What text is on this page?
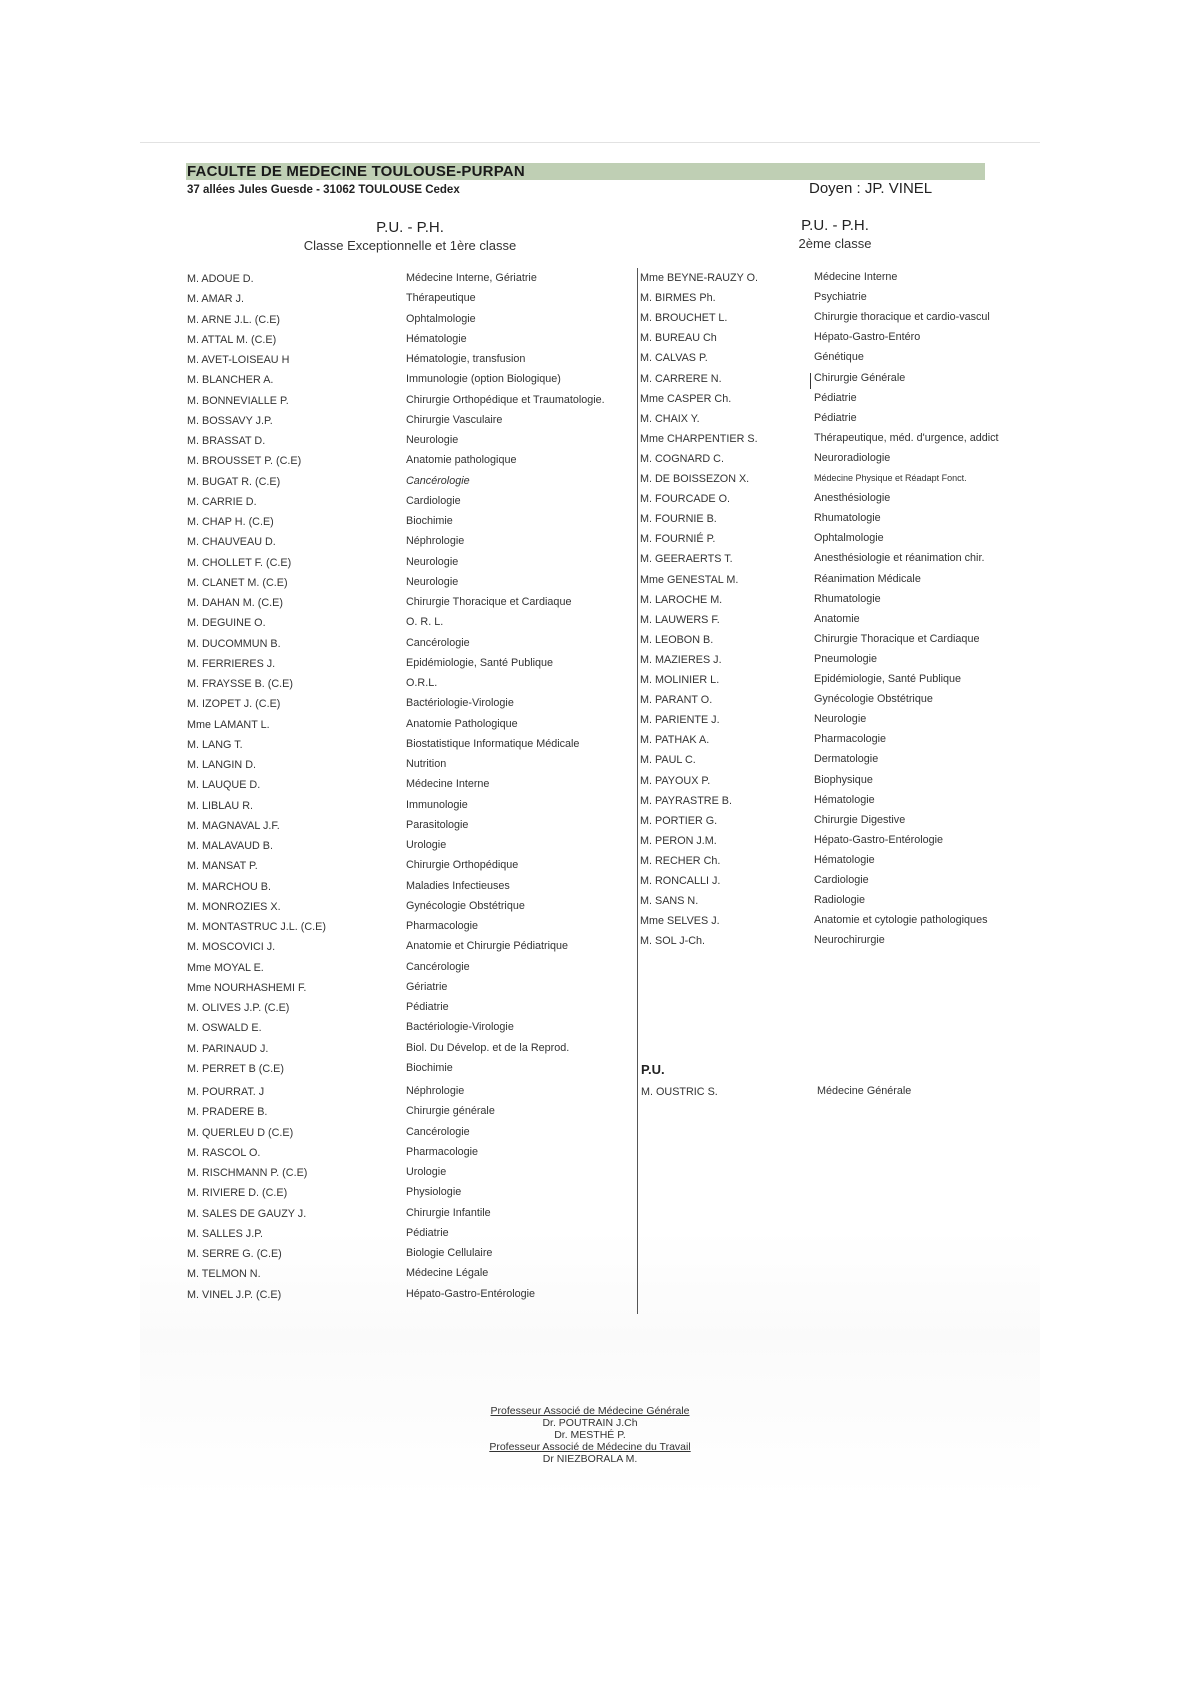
FACULTE DE MEDECINE TOULOUSE-PURPAN
37 allées Jules Guesde - 31062 TOULOUSE Cedex	Doyen : JP. VINEL
P.U. - P.H.
Classe Exceptionnelle et 1ère classe
P.U. - P.H.
2ème classe
M. ADOUE D.	Médecine Interne, Gériatrie
M. AMAR J.	Thérapeutique
M. ARNE J.L. (C.E)	Ophtalmologie
M. ATTAL M. (C.E)	Hématologie
M. AVET-LOISEAU H	Hématologie, transfusion
M. BLANCHER A.	Immunologie (option Biologique)
M. BONNEVIALLE P.	Chirurgie Orthopédique et Traumatologie.
M. BOSSAVY J.P.	Chirurgie Vasculaire
M. BRASSAT D.	Neurologie
M. BROUSSET P. (C.E)	Anatomie pathologique
M. BUGAT R. (C.E)	Cancérologie
M. CARRIE D.	Cardiologie
M. CHAP H. (C.E)	Biochimie
M. CHAUVEAU D.	Néphrologie
M. CHOLLET F. (C.E)	Neurologie
M. CLANET M. (C.E)	Neurologie
M. DAHAN M. (C.E)	Chirurgie Thoracique et Cardiaque
M. DEGUINE O.	O. R. L.
M. DUCOMMUN B.	Cancérologie
M. FERRIERES J.	Epidémiologie, Santé Publique
M. FRAYSSE B. (C.E)	O.R.L.
M. IZOPET J. (C.E)	Bactériologie-Virologie
Mme LAMANT L.	Anatomie Pathologique
M. LANG T.	Biostatistique Informatique Médicale
M. LANGIN D.	Nutrition
M. LAUQUE D.	Médecine Interne
M. LIBLAU R.	Immunologie
M. MAGNAVAL J.F.	Parasitologie
M. MALAVAUD B.	Urologie
M. MANSAT P.	Chirurgie Orthopédique
M. MARCHOU B.	Maladies Infectieuses
M. MONROZIES X.	Gynécologie Obstétrique
M. MONTASTRUC J.L. (C.E)	Pharmacologie
M. MOSCOVICI J.	Anatomie et Chirurgie Pédiatrique
Mme MOYAL E.	Cancérologie
Mme NOURHASHEMI F.	Gériatrie
M. OLIVES J.P. (C.E)	Pédiatrie
M. OSWALD E.	Bactériologie-Virologie
M. PARINAUD J.	Biol. Du Dévelop. et de la Reprod.
M. PERRET B (C.E)	Biochimie
M. POURRAT. J	Néphrologie
M. PRADERE B.	Chirurgie générale
M. QUERLEU D (C.E)	Cancérologie
M. RASCOL O.	Pharmacologie
M. RISCHMANN P. (C.E)	Urologie
M. RIVIERE D. (C.E)	Physiologie
M. SALES DE GAUZY J.	Chirurgie Infantile
M. SALLES J.P.	Pédiatrie
M. SERRE G. (C.E)	Biologie Cellulaire
M. TELMON N.	Médecine Légale
M. VINEL J.P. (C.E)	Hépato-Gastro-Entérologie
Mme BEYNE-RAUZY O.	Médecine Interne
M. BIRMES Ph.	Psychiatrie
M. BROUCHET L.	Chirurgie thoracique et cardio-vascul
M. BUREAU Ch	Hépato-Gastro-Entéro
M. CALVAS P.	Génétique
M. CARRERE N.	Chirurgie Générale
Mme CASPER Ch.	Pédiatrie
M. CHAIX Y.	Pédiatrie
Mme CHARPENTIER S.	Thérapeutique, méd. d'urgence, addict
M. COGNARD C.	Neuroradiologie
M. DE BOISSEZON X.	Médecine Physique et Réadapt Fonct.
M. FOURCADE O.	Anesthésiologie
M. FOURNIE B.	Rhumatologie
M. FOURNIÉ P.	Ophtalmologie
M. GEERAERTS T.	Anesthésiologie et réanimation chir.
Mme GENESTAL M.	Réanimation Médicale
M. LAROCHE M.	Rhumatologie
M. LAUWERS F.	Anatomie
M. LEOBON B.	Chirurgie Thoracique et Cardiaque
M. MAZIERES J.	Pneumologie
M. MOLINIER L.	Epidémiologie, Santé Publique
M. PARANT O.	Gynécologie Obstétrique
M. PARIENTE J.	Neurologie
M. PATHAK A.	Pharmacologie
M. PAUL C.	Dermatologie
M. PAYOUX P.	Biophysique
M. PAYRASTRE B.	Hématologie
M. PORTIER G.	Chirurgie Digestive
M. PERON J.M.	Hépato-Gastro-Entérologie
M. RECHER Ch.	Hématologie
M. RONCALLI J.	Cardiologie
M. SANS N.	Radiologie
Mme SELVES J.	Anatomie et cytologie pathologiques
M. SOL J-Ch.	Neurochirurgie
P.U.
M. OUSTRIC S.	Médecine Générale
Professeur Associé de Médecine Générale
Dr. POUTRAIN J.Ch
Dr. MESTHÉ P.
Professeur Associé de Médecine du Travail
Dr NIEZBORALA M.
